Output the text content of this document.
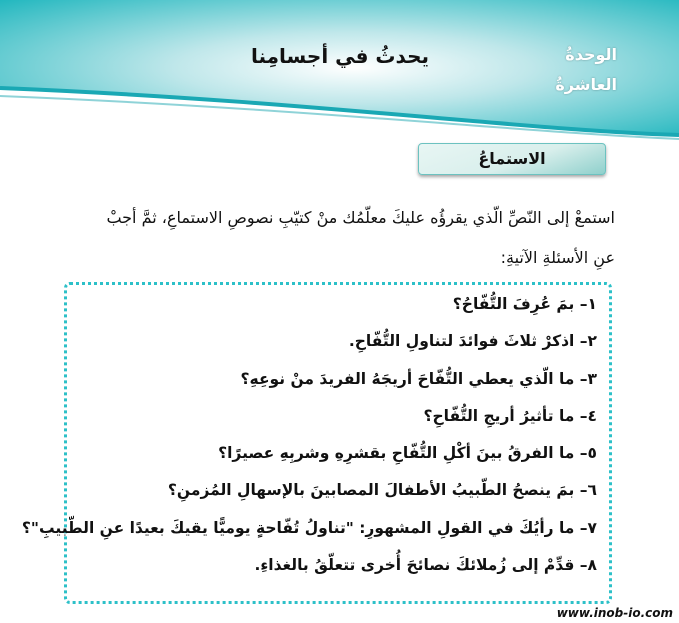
يحدثُ في أجسامِنا	الوحدةُ
العاشرةُ
الاستماعُ
استمعْ إلى النّصِّ الّذي يقرؤُه عليكَ معلّمُك منْ كتيّبِ نصوصِ الاستماعِ، ثمَّ أجبْ
عنِ الأسئلةِ الآتيةِ:
١– بمَ عُرِفَ التُّفّاحُ؟
٢– اذكرْ ثلاثَ فوائدَ لتناولِ التُّفّاحِ.
٣– ما الّذي يعطي التُّفّاحَ أريجَهُ الفريدَ منْ نوعِهِ؟
٤– ما تأثيرُ أريجِ التُّفّاحِ؟
٥– ما الفرقُ بينَ أكْلِ التُّفّاحِ بقشرِهِ وشربِهِ عصيرًا؟
٦– بمَ ينصحُ الطّبيبُ الأطفالَ المصابينَ بالإسهالِ المُزمنِ؟
٧– ما رأيُكَ في القولِ المشهورِ: "تناولُ تُفّاحةٍ يوميًّا يقيكَ بعيدًا عنِ الطّبيبِ"؟
٨– قدِّمْ إلى زُملائكَ نصائحَ أُخرى تتعلّقُ بالغذاءِ.
www.inob-io.com
